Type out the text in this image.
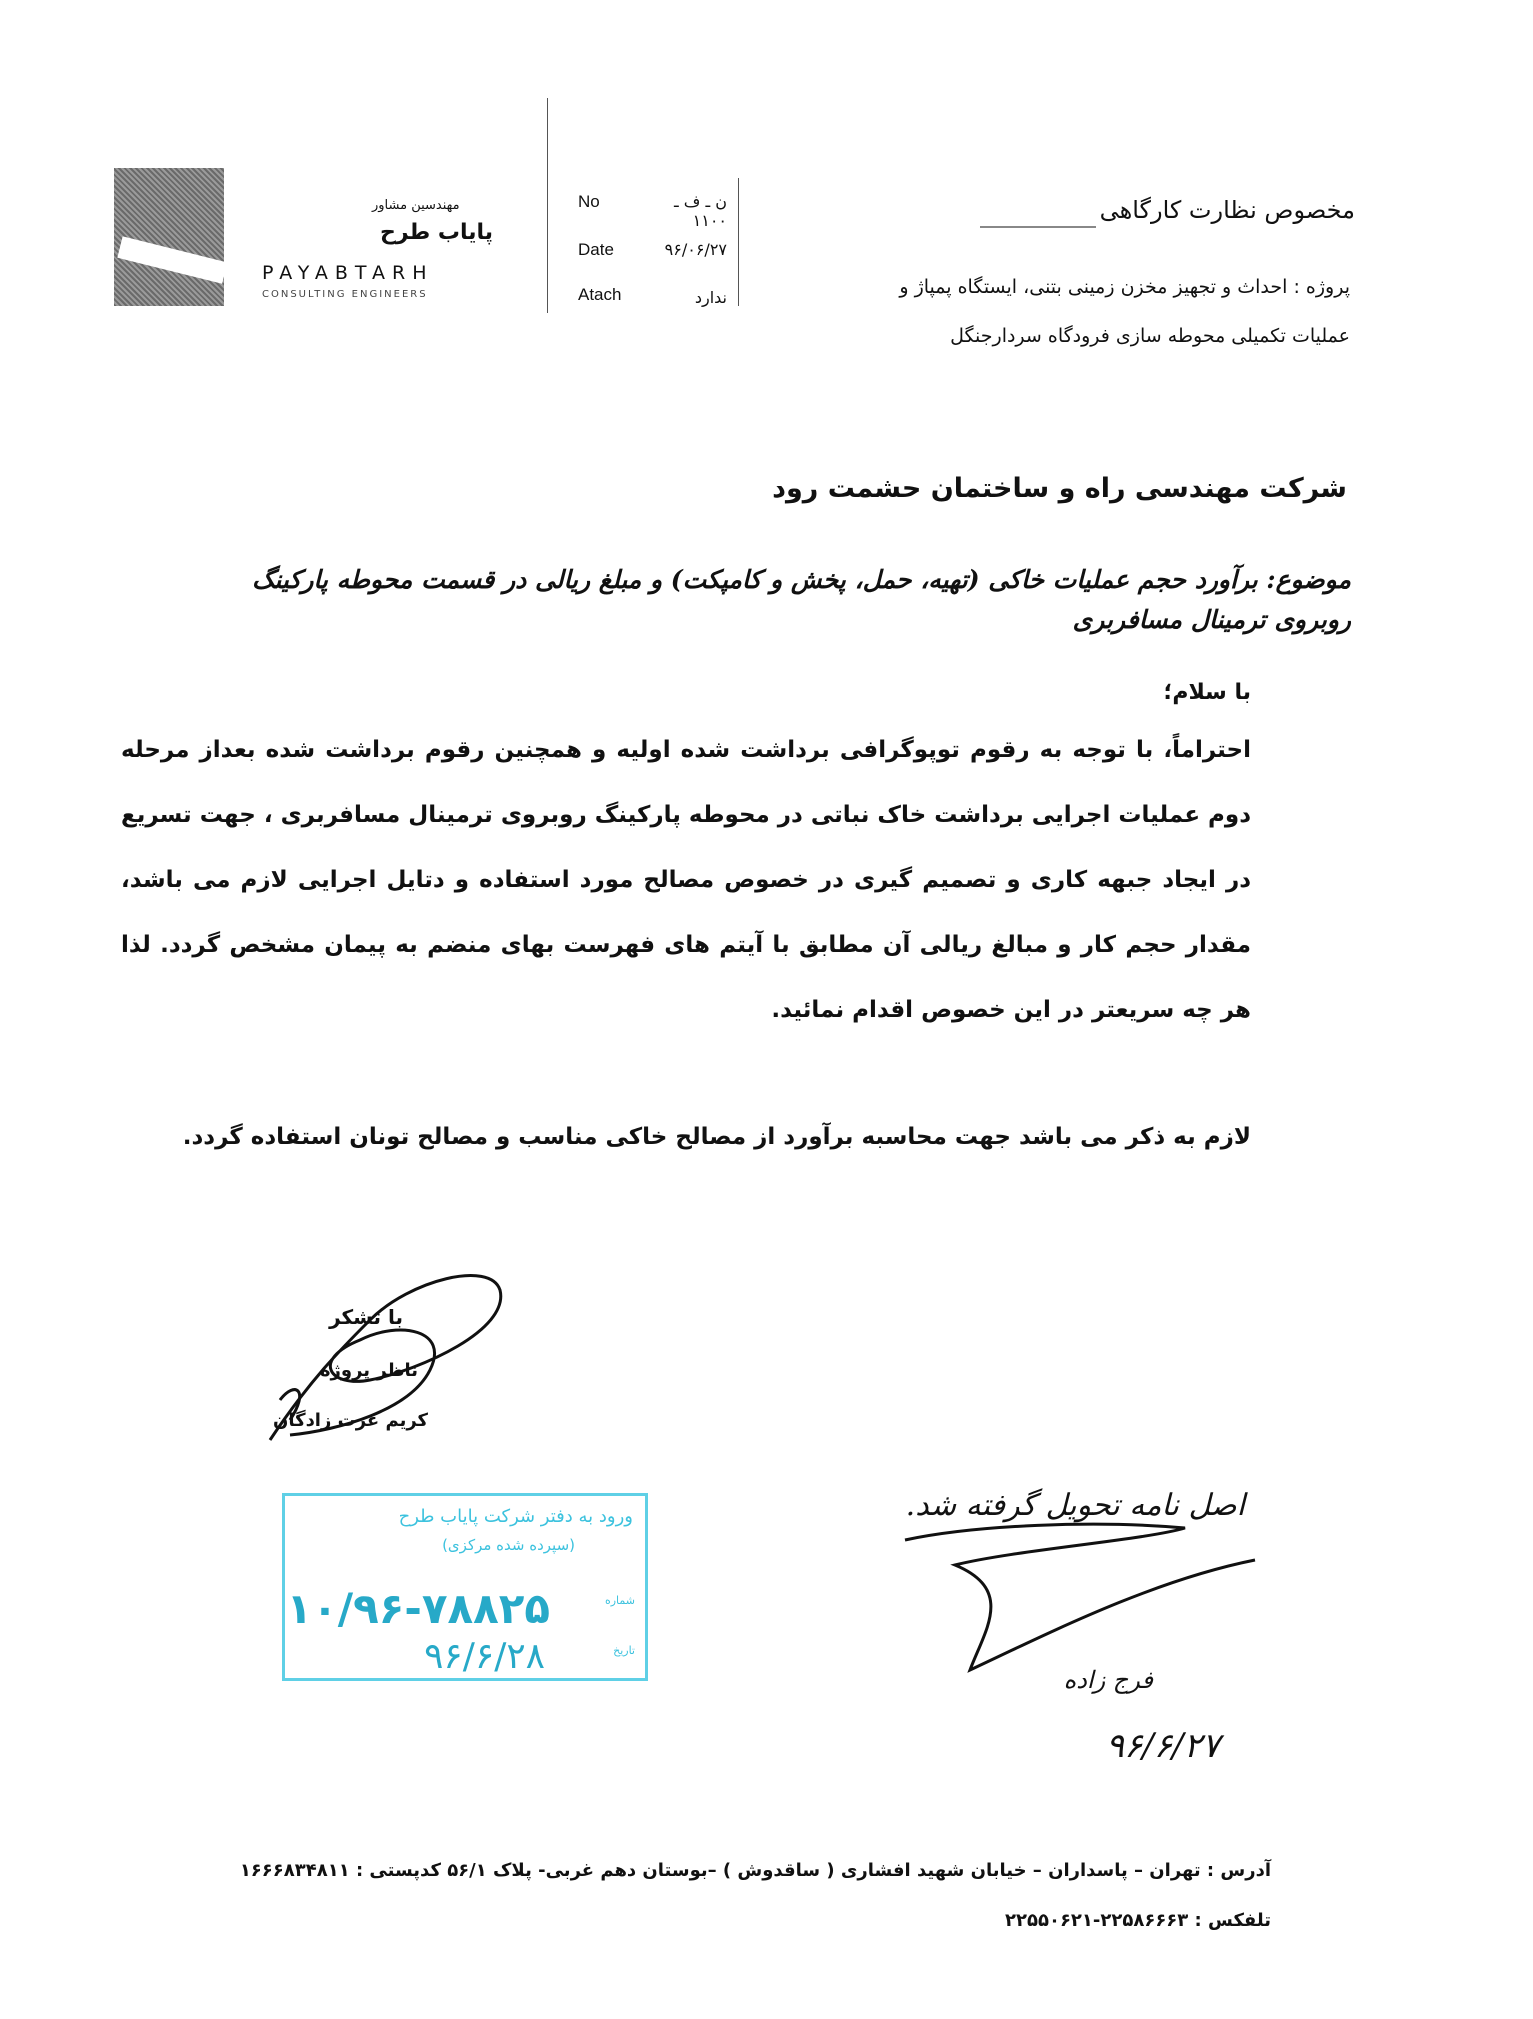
مهندسین مشاور
پایاب طرح
PAYABTARH
CONSULTING ENGINEERS
No	ن ـ ف ـ ۱۱۰۰
Date	۹۶/۰۶/۲۷
Atach	ندارد
مخصوص نظارت کارگاهی
پروژه : احداث و تجهیز مخزن زمینی بتنی، ایستگاه پمپاژ و
عملیات تکمیلی محوطه سازی فرودگاه سردارجنگل
شرکت مهندسی راه و ساختمان حشمت رود
موضوع: برآورد حجم عملیات خاکی (تهیه، حمل، پخش و کامپکت) و مبلغ ریالی در قسمت محوطه پارکینگ روبروی ترمینال مسافربری
با سلام؛
احتراماً، با توجه به رقوم توپوگرافی برداشت شده اولیه و همچنین رقوم برداشت شده بعداز مرحله دوم عملیات اجرایی برداشت خاک نباتی در محوطه پارکینگ روبروی ترمینال مسافربری ، جهت تسریع در ایجاد جبهه کاری و تصمیم گیری در خصوص مصالح مورد استفاده و دتایل اجرایی لازم می باشد، مقدار حجم کار و مبالغ ریالی آن مطابق با آیتم های فهرست بهای منضم به پیمان مشخص گردد. لذا هر چه سریعتر در این خصوص اقدام نمائید.
لازم به ذکر می باشد جهت محاسبه برآورد از مصالح خاکی مناسب و مصالح تونان استفاده گردد.
با تشکر
ناظر پروژه
کریم عزت زادگان
ورود به دفتر شرکت پایاب طرح
(سپرده شده مرکزی)
شماره
۱۰/۹۶-۷۸۸۲۵
تاریخ
۹۶/۶/۲۸
اصل نامه تحویل گرفته شد.
فرج زاده
۹۶/۶/۲۷
آدرس : تهران – پاسداران – خیابان شهید افشاری ( ساقدوش ) –بوستان دهم غربی- پلاک ۵۶/۱ کدپستی : ۱۶۶۶۸۳۴۸۱۱
تلفکس : ۲۲۵۸۶۶۶۳-۲۲۵۵۰۶۲۱
